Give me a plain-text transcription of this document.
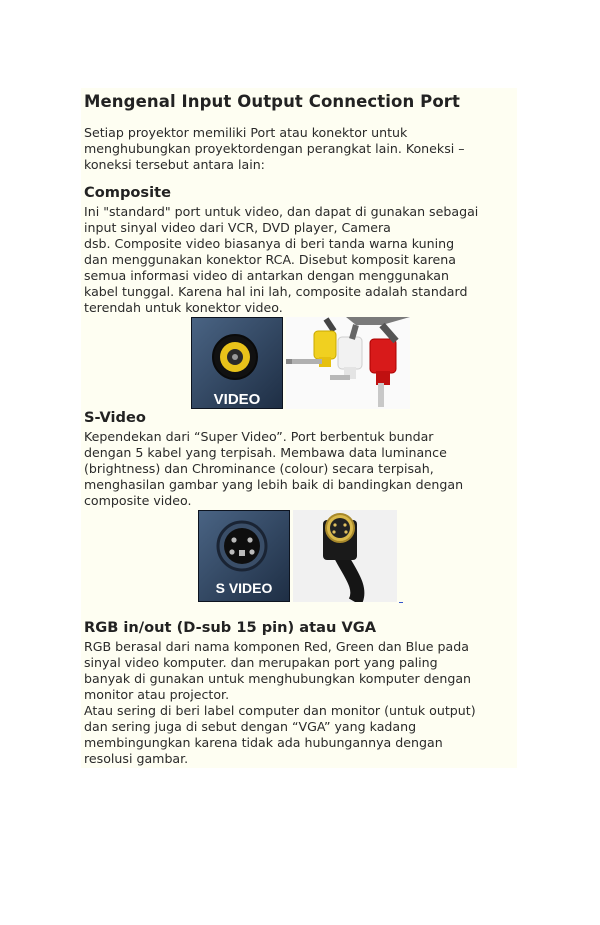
Mengenal Input Output Connection Port
Setiap proyektor memiliki Port atau konektor untuk
menghubungkan proyektordengan perangkat lain. Koneksi –
koneksi tersebut antara lain:
Composite
Ini "standard" port untuk video, dan dapat di gunakan sebagai
input sinyal video dari VCR, DVD player, Camera
dsb. Composite video biasanya di beri tanda warna kuning
dan menggunakan konektor RCA. Disebut komposit karena
semua informasi video di antarkan dengan menggunakan
kabel tunggal. Karena hal ini lah, composite adalah standard
terendah untuk konektor video.
VIDEO
S-Video
Kependekan dari “Super Video”. Port berbentuk bundar
dengan 5 kabel yang terpisah. Membawa data luminance
(brightness) dan Chrominance (colour) secara terpisah,
menghasilan gambar yang lebih baik di bandingkan dengan
composite video.
S VIDEO
RGB in/out (D-sub 15 pin) atau VGA
RGB berasal dari nama komponen Red, Green dan Blue pada
sinyal video komputer. dan merupakan port yang paling
banyak di gunakan untuk menghubungkan komputer dengan
monitor atau projector.
Atau sering di beri label computer dan monitor (untuk output)
dan sering juga di sebut dengan “VGA” yang kadang
membingungkan karena tidak ada hubungannya dengan
resolusi gambar.
